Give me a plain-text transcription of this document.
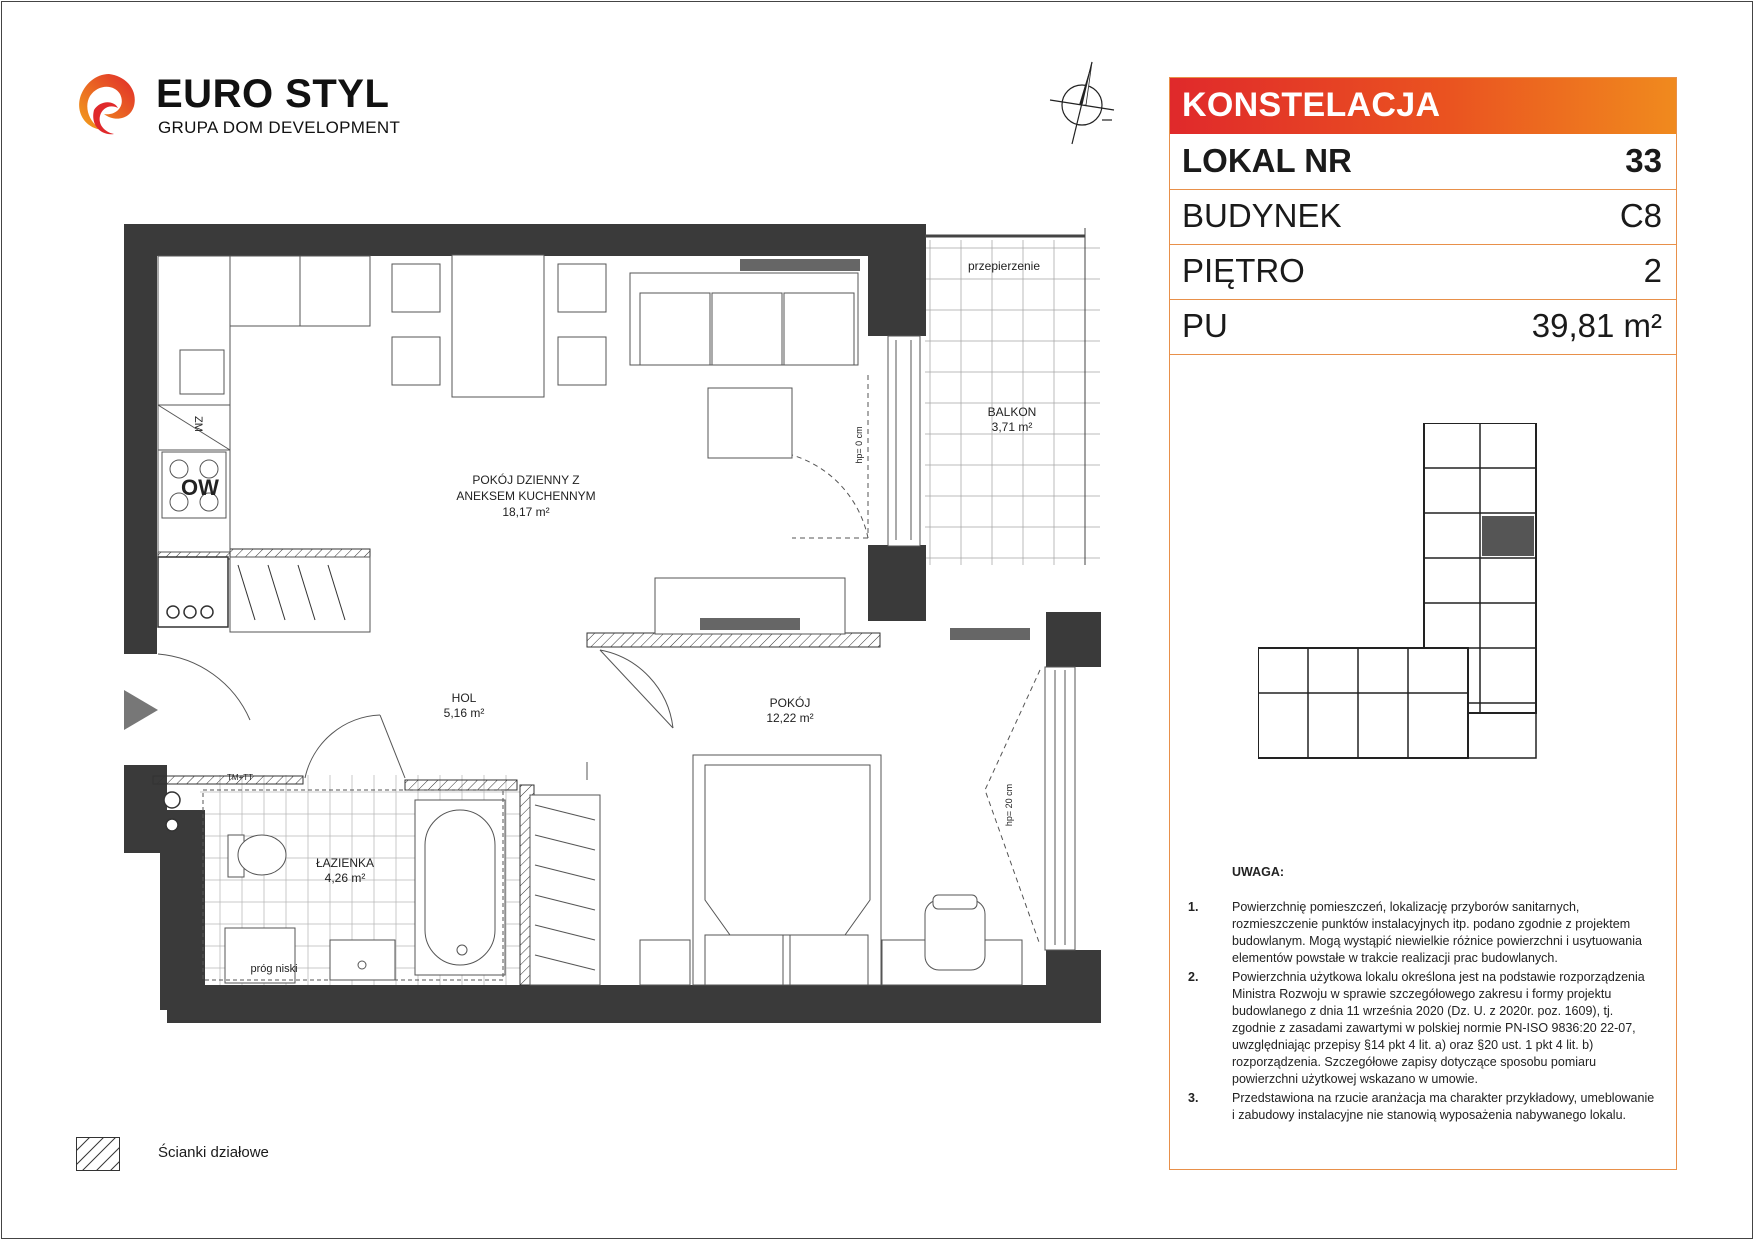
EURO STYL
GRUPA DOM DEVELOPMENT
POKÓJ DZIENNY Z
ANEKSEM KUCHENNYM
18,17 m²
HOL
5,16 m²
POKÓJ
12,22 m²
ŁAZIENKA
4,26 m²
BALKON
3,71 m²
przepierzenie
próg niski
TM+TT
ZM
OW
hp= 0 cm
hp= 20 cm
Ścianki działowe
KONSTELACJA
LOKAL NR	33
BUDYNEK	C8
PIĘTRO	2
PU	39,81 m²
UWAGA:
1.	Powierzchnię pomieszczeń, lokalizację przyborów sanitarnych, rozmieszczenie punktów instalacyjnych itp. podano zgodnie z projektem budowlanym. Mogą wystąpić niewielkie różnice powierzchni i usytuowania elementów powstałe w trakcie realizacji prac budowlanych.
2.	Powierzchnia użytkowa lokalu określona jest na podstawie rozporządzenia Ministra Rozwoju w sprawie szczegółowego zakresu i formy projektu budowlanego z dnia 11 września 2020 (Dz. U. z 2020r. poz. 1609), tj. zgodnie z zasadami zawartymi w polskiej normie PN-ISO 9836:20 22-07, uwzględniając przepisy §14 pkt 4 lit. a) oraz §20 ust. 1 pkt 4 lit. b) rozporządzenia. Szczegółowe zapisy dotyczące sposobu pomiaru powierzchni użytkowej wskazano w umowie.
3.	Przedstawiona na rzucie aranżacja ma charakter przykładowy, umeblowanie i zabudowy instalacyjne nie stanowią wyposażenia nabywanego lokalu.
